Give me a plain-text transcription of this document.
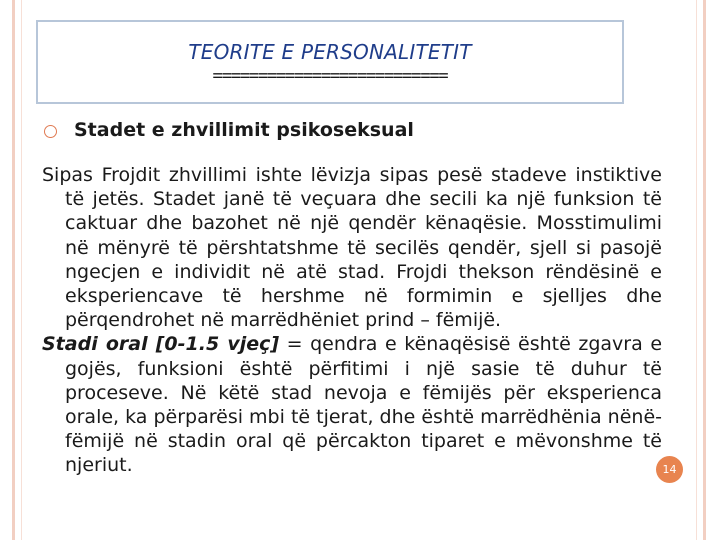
TEORITE E PERSONALITETIT
==========================
Stadet e zhvillimit psikoseksual

Sipas Frojdit zhvillimi ishte lëvizja sipas pesë stadeve instiktive të jetës. Stadet janë të veçuara dhe secili ka një funksion të caktuar dhe bazohet në një qendër kënaqësie. Mosstimulimi në mënyrë të përshtatshme të secilës qendër, sjell si pasojë ngecjen e individit në atë stad. Frojdi thekson rëndësinë e eksperiencave të hershme në formimin e sjelljes dhe përqendrohet në marrëdhëniet prind – fëmijë.

Stadi oral [0-1.5 vjeç] = qendra e kënaqësisë është zgavra e gojës, funksioni është përfitimi i një sasie të duhur të proceseve. Në këtë stad nevoja e fëmijës për eksperienca orale, ka përparësi mbi të tjerat, dhe është marrëdhënia nënë-fëmijë në stadin oral që përcakton tiparet e mëvonshme të njeriut.	14
